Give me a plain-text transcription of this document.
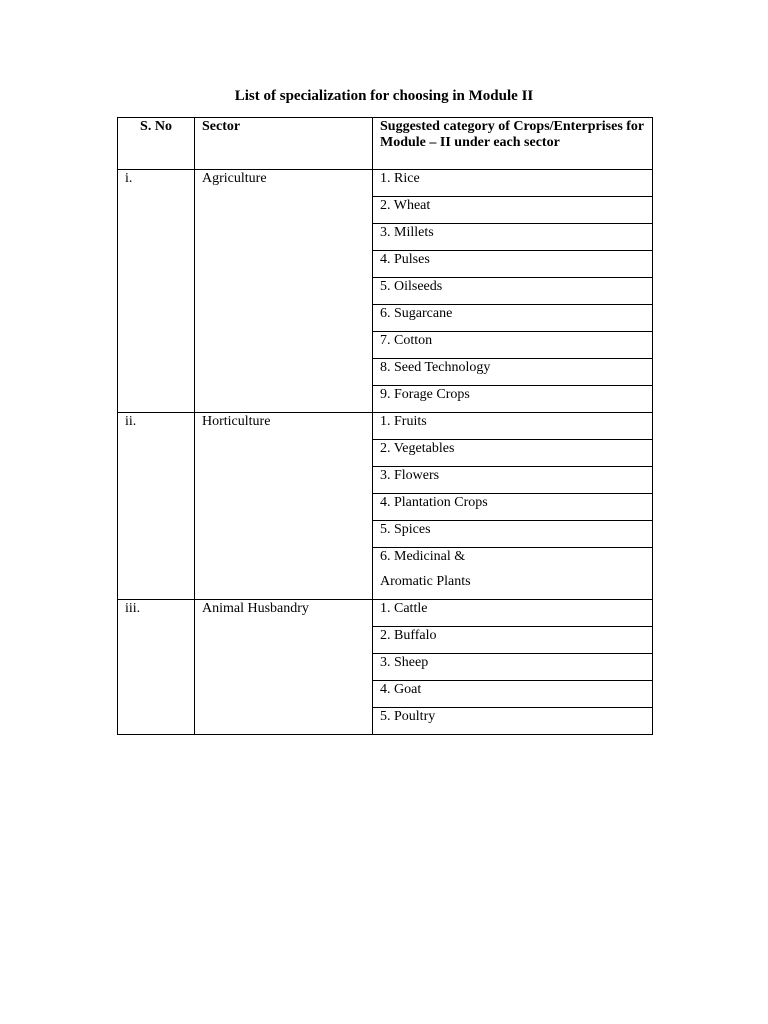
List of specialization for choosing in Module II
S. No	Sector	Suggested category of Crops/Enterprises for Module – II under each sector
i.	Agriculture	1. Rice
		2. Wheat
		3. Millets
		4. Pulses
		5. Oilseeds
		6. Sugarcane
		7. Cotton
		8. Seed Technology
		9. Forage Crops
ii.	Horticulture	1. Fruits
		2. Vegetables
		3. Flowers
		4. Plantation Crops
		5. Spices

		6. Medicinal &
Aromatic Plants

iii.	Animal Husbandry	1. Cattle
		2. Buffalo
		3. Sheep
		4. Goat
		5. Poultry
